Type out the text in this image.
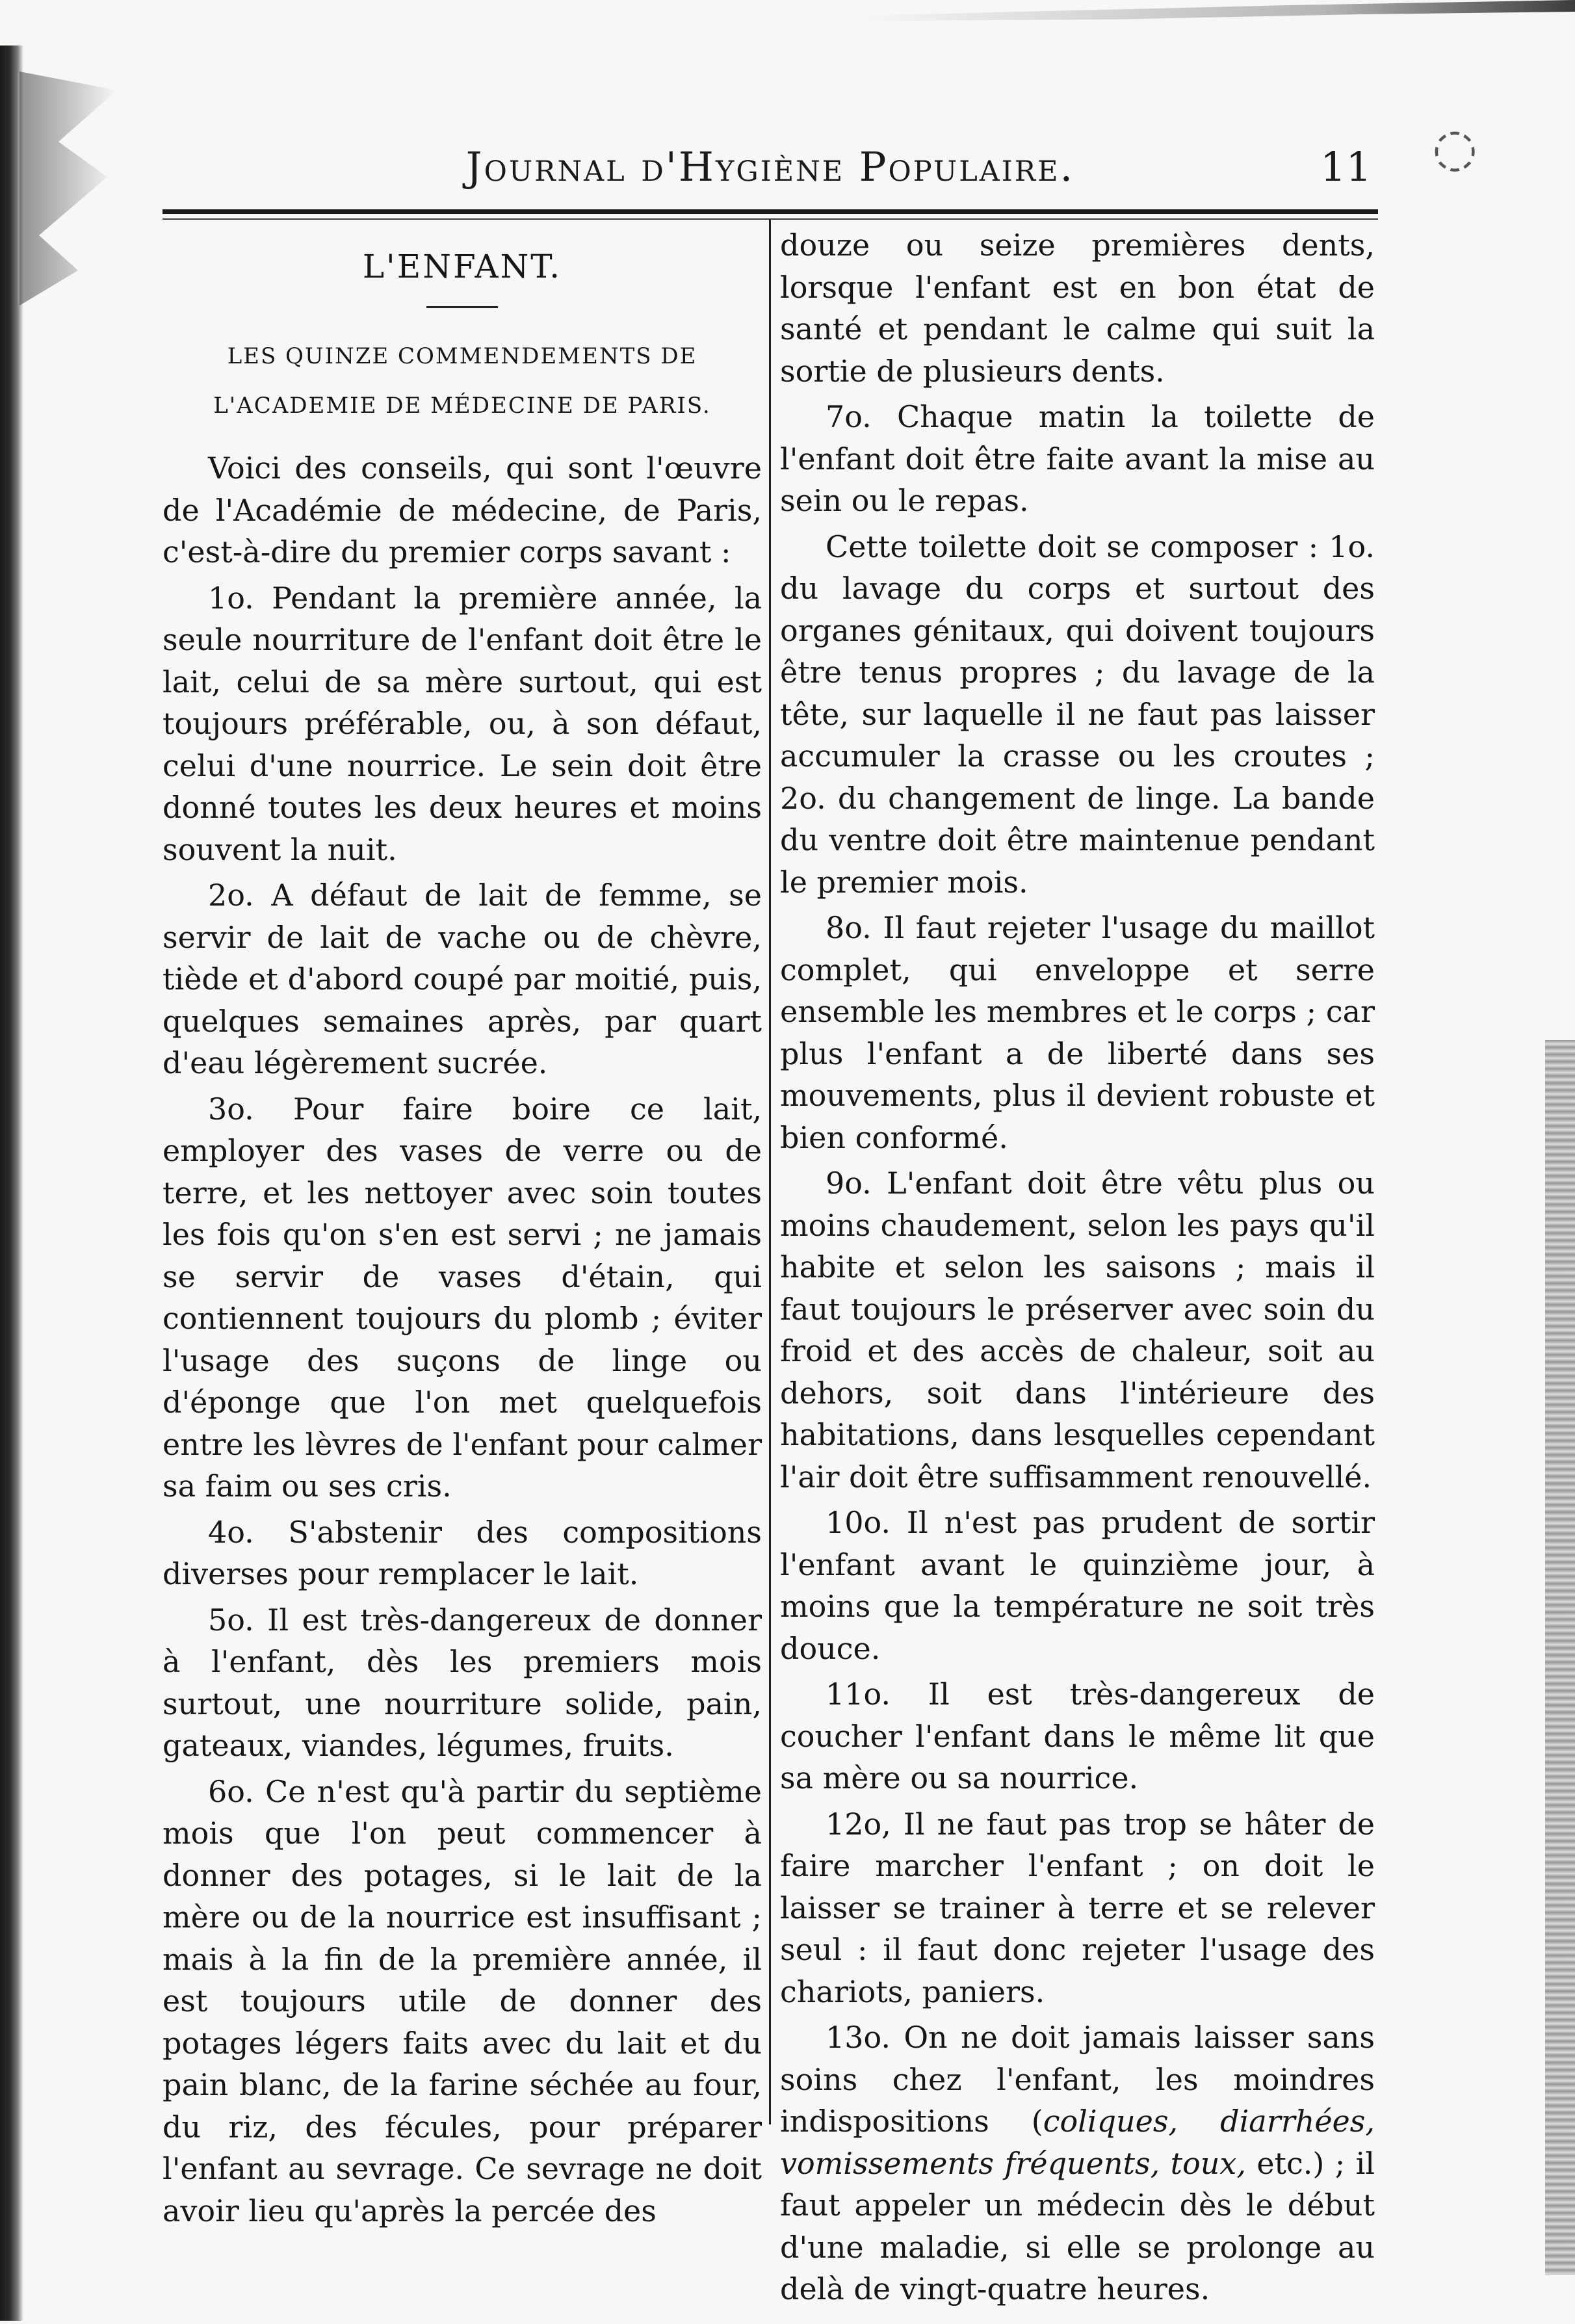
◌
Journal d'Hygiène Populaire.	11
L'ENFANT.
LES QUINZE COMMENDEMENTS DE
L'ACADEMIE DE MÉDECINE DE PARIS.

Voici des conseils, qui sont l'œuvre de l'Académie de médecine, de Paris, c'est-à-dire du premier corps savant :

1o. Pendant la première année, la seule nourriture de l'enfant doit être le lait, celui de sa mère surtout, qui est toujours préférable, ou, à son défaut, celui d'une nourrice. Le sein doit être donné toutes les deux heures et moins souvent la nuit.

2o. A défaut de lait de femme, se servir de lait de vache ou de chèvre, tiède et d'abord coupé par moitié, puis, quelques semaines après, par quart d'eau légèrement sucrée.

3o. Pour faire boire ce lait, employer des vases de verre ou de terre, et les nettoyer avec soin toutes les fois qu'on s'en est servi ; ne jamais se servir de vases d'étain, qui contiennent toujours du plomb ; éviter l'usage des suçons de linge ou d'éponge que l'on met quelquefois entre les lèvres de l'enfant pour calmer sa faim ou ses cris.

4o. S'abstenir des compositions diverses pour remplacer le lait.

5o. Il est très-dangereux de donner à l'enfant, dès les premiers mois surtout, une nourriture solide, pain, gateaux, viandes, légumes, fruits.

6o. Ce n'est qu'à partir du septième mois que l'on peut commencer à donner des potages, si le lait de la mère ou de la nourrice est insuffisant ; mais à la fin de la première année, il est toujours utile de donner des potages légers faits avec du lait et du pain blanc, de la farine séchée au four, du riz, des fécules, pour préparer l'enfant au sevrage. Ce sevrage ne doit avoir lieu qu'après la percée des

douze ou seize premières dents, lorsque l'enfant est en bon état de santé et pendant le calme qui suit la sortie de plusieurs dents.

7o. Chaque matin la toilette de l'enfant doit être faite avant la mise au sein ou le repas.

Cette toilette doit se composer : 1o. du lavage du corps et surtout des organes génitaux, qui doivent toujours être tenus propres ; du lavage de la tête, sur laquelle il ne faut pas laisser accumuler la crasse ou les croutes ; 2o. du changement de linge. La bande du ventre doit être maintenue pendant le premier mois.

8o. Il faut rejeter l'usage du maillot complet, qui enveloppe et serre ensemble les membres et le corps ; car plus l'enfant a de liberté dans ses mouvements, plus il devient robuste et bien conformé.

9o. L'enfant doit être vêtu plus ou moins chaudement, selon les pays qu'il habite et selon les saisons ; mais il faut toujours le préserver avec soin du froid et des accès de chaleur, soit au dehors, soit dans l'intérieure des habitations, dans lesquelles cependant l'air doit être suffisamment renouvellé.

10o. Il n'est pas prudent de sortir l'enfant avant le quinzième jour, à moins que la température ne soit très douce.

11o. Il est très-dangereux de coucher l'enfant dans le même lit que sa mère ou sa nourrice.

12o, Il ne faut pas trop se hâter de faire marcher l'enfant ; on doit le laisser se trainer à terre et se relever seul : il faut donc rejeter l'usage des chariots, paniers.

13o. On ne doit jamais laisser sans soins chez l'enfant, les moindres indispositions (coliques, diarrhées, vomissements fréquents, toux, etc.) ; il faut appeler un médecin dès le début d'une maladie, si elle se prolonge au delà de vingt-quatre heures.
